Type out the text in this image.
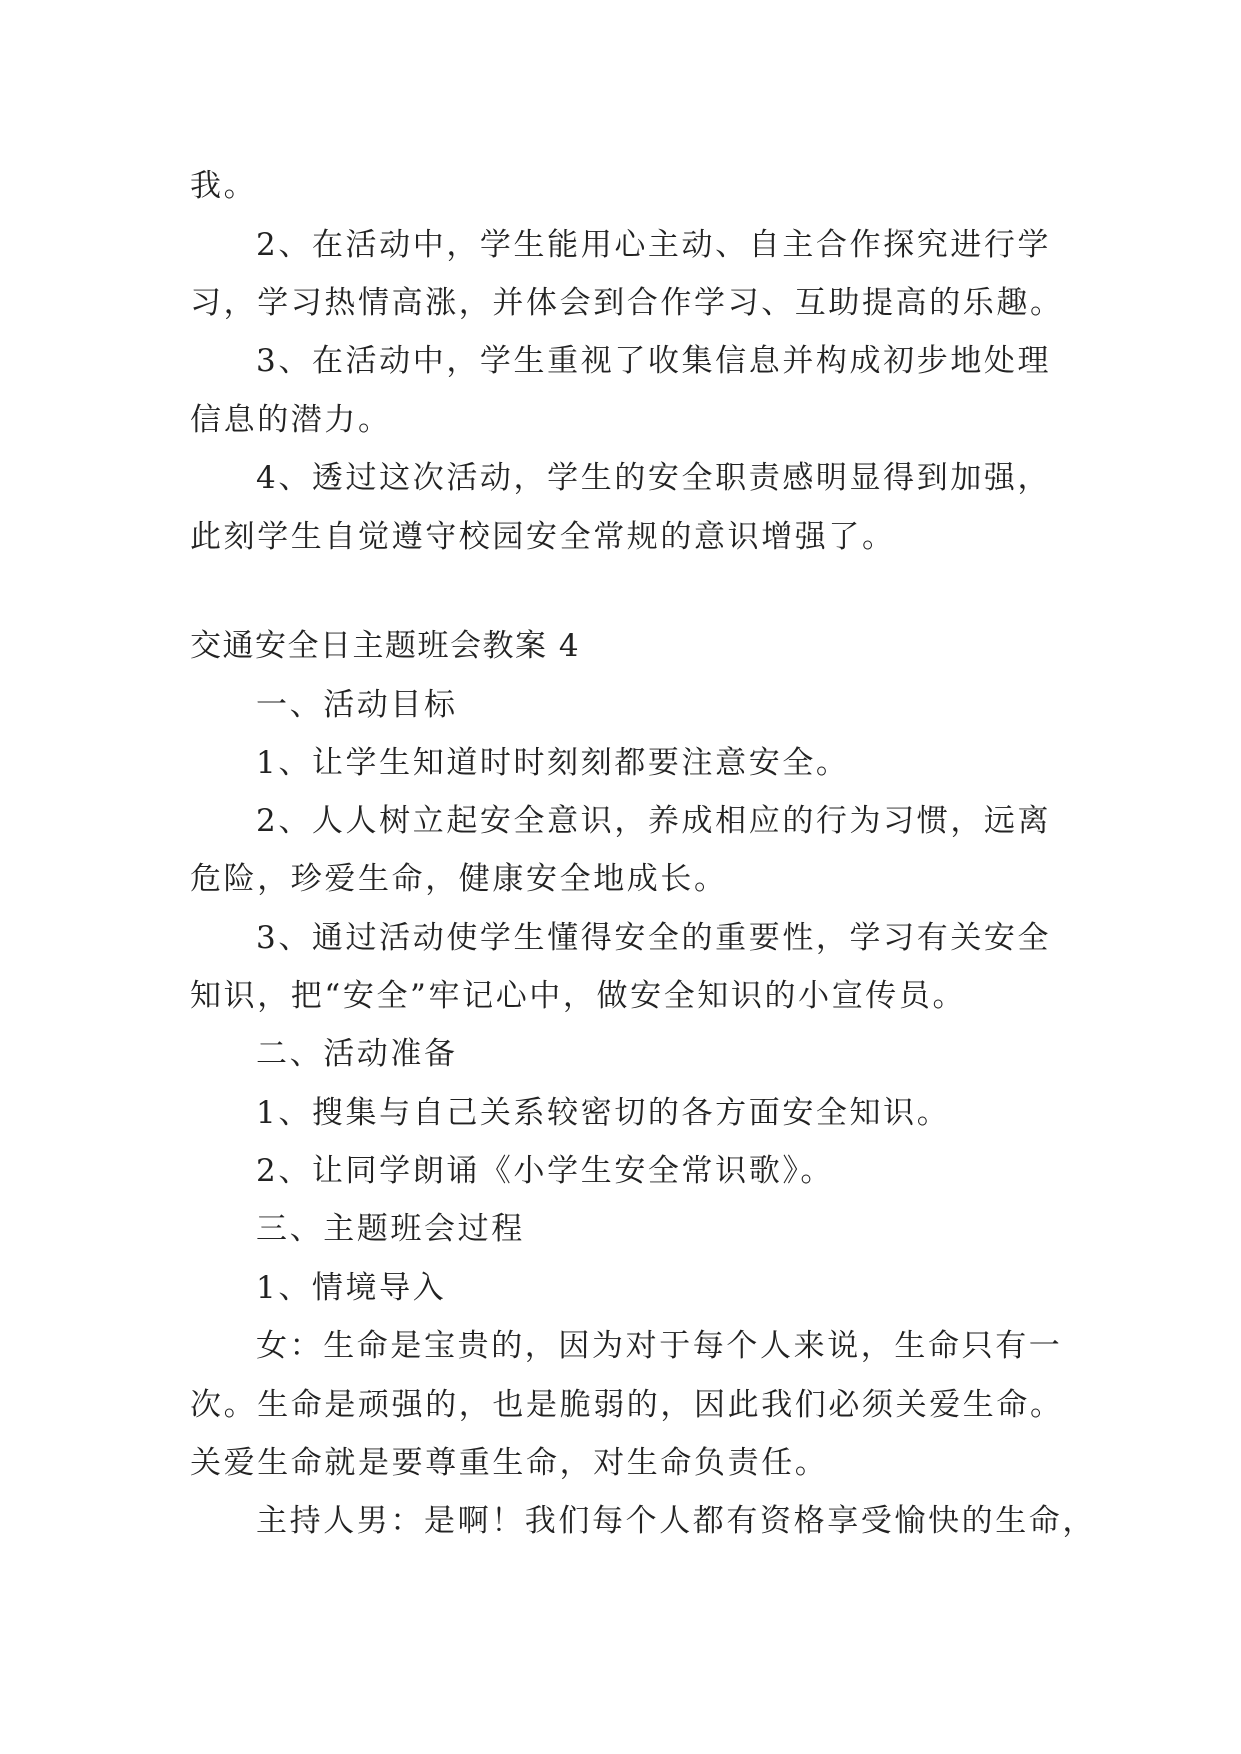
我。
2、在活动中，学生能用心主动、自主合作探究进行学
习，学习热情高涨，并体会到合作学习、互助提高的乐趣。
3、在活动中，学生重视了收集信息并构成初步地处理
信息的潜力。
4、透过这次活动，学生的安全职责感明显得到加强，
此刻学生自觉遵守校园安全常规的意识增强了。
交通安全日主题班会教案 4
一、活动目标
1、让学生知道时时刻刻都要注意安全。
2、人人树立起安全意识，养成相应的行为习惯，远离
危险，珍爱生命，健康安全地成长。
3、通过活动使学生懂得安全的重要性，学习有关安全
知识，把“安全”牢记心中，做安全知识的小宣传员。
二、活动准备
1、搜集与自己关系较密切的各方面安全知识。
2、让同学朗诵《小学生安全常识歌》。
三、主题班会过程
1、情境导入
女：生命是宝贵的，因为对于每个人来说，生命只有一
次。生命是顽强的，也是脆弱的，因此我们必须关爱生命。
关爱生命就是要尊重生命，对生命负责任。
主持人男：是啊！我们每个人都有资格享受愉快的生命，
